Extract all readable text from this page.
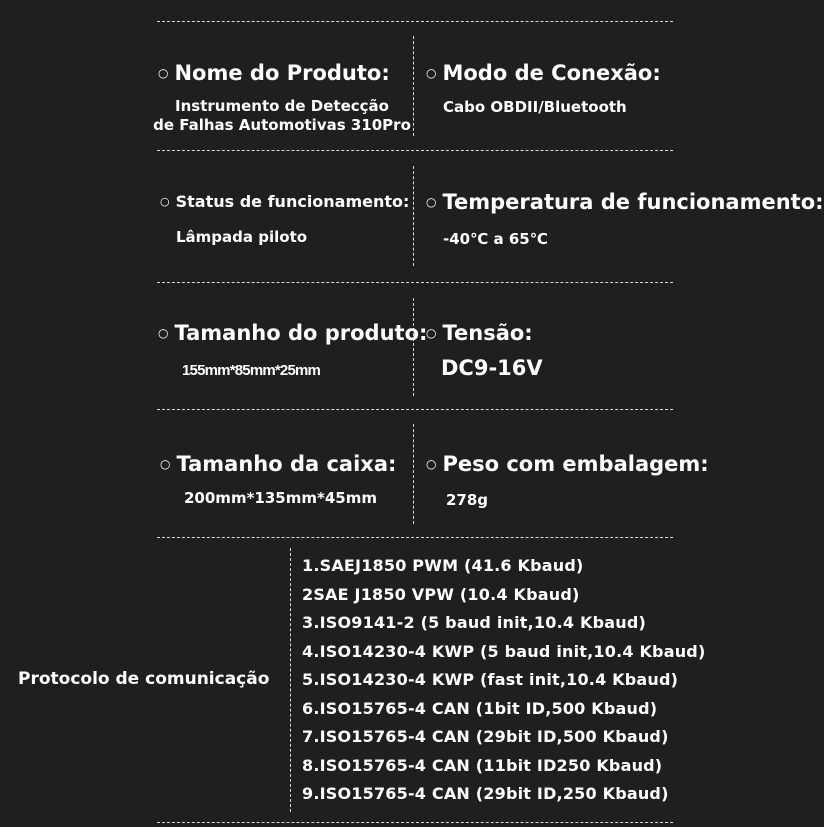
○ Nome do Produto:
Instrumento de Detecção
de Falhas Automotivas 310Pro
○ Modo de Conexão:
Cabo OBDII/Bluetooth
○ Status de funcionamento:
Lâmpada piloto
○ Temperatura de funcionamento:
-40℃ a 65℃
○ Tamanho do produto:
155mm*85mm*25mm
○ Tensão:
DC9-16V
○ Tamanho da caixa:
200mm*135mm*45mm
○ Peso com embalagem:
278g
Protocolo de comunicação
1.SAEJ1850 PWM (41.6 Kbaud)
2SAE J1850 VPW (10.4 Kbaud)
3.ISO9141-2 (5 baud init,10.4 Kbaud)
4.ISO14230-4 KWP (5 baud init,10.4 Kbaud)
5.ISO14230-4 KWP (fast init,10.4 Kbaud)
6.ISO15765-4 CAN (1bit ID,500 Kbaud)
7.ISO15765-4 CAN (29bit ID,500 Kbaud)
8.ISO15765-4 CAN (11bit ID250 Kbaud)
9.ISO15765-4 CAN (29bit ID,250 Kbaud)
